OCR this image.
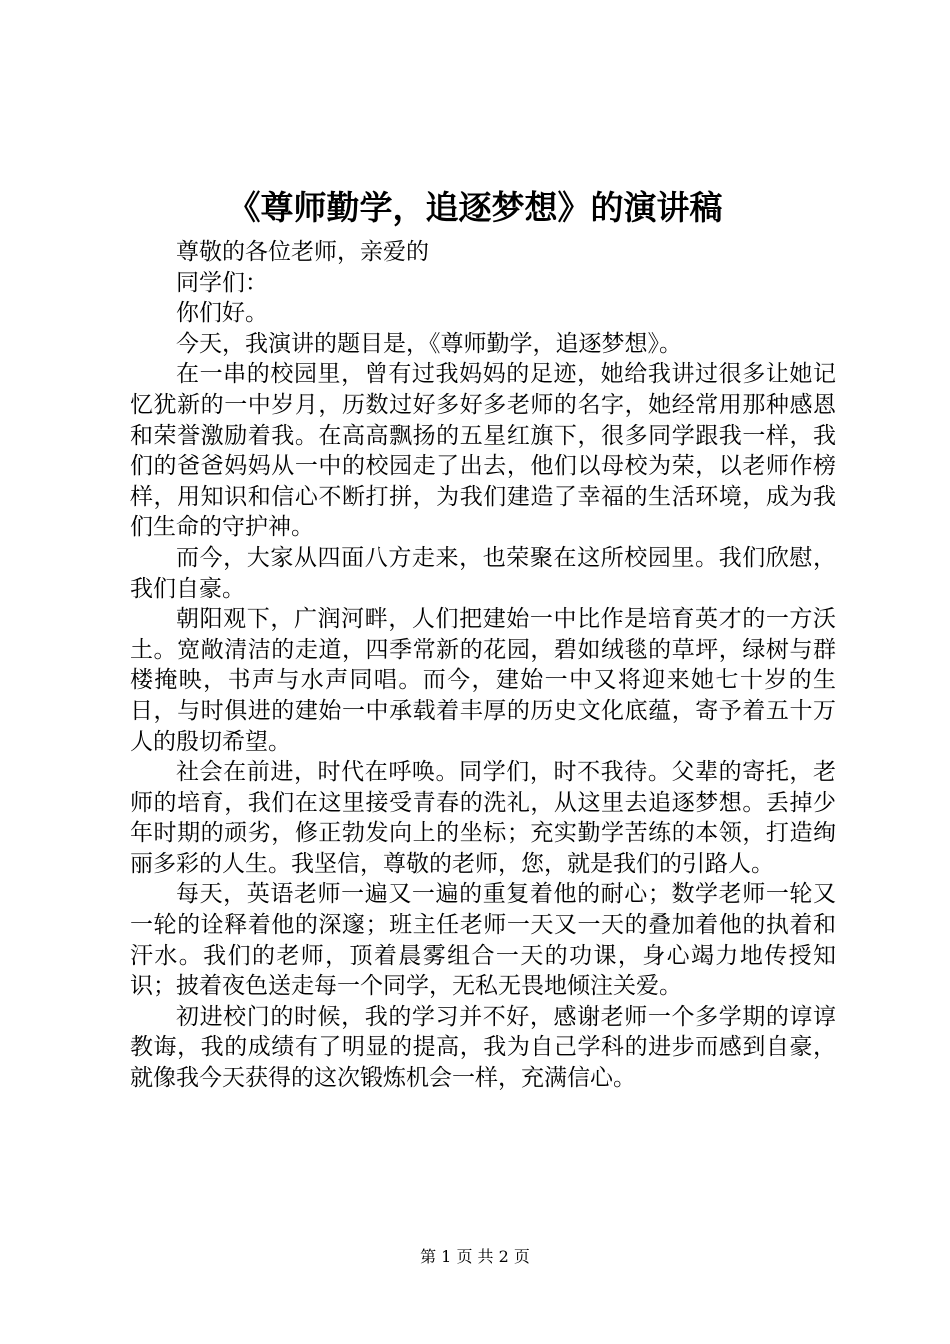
《尊师勤学，追逐梦想》的演讲稿

尊敬的各位老师，亲爱的

同学们：

你们好。

今天，我演讲的题目是，《尊师勤学，追逐梦想》。

在一串的校园里，曾有过我妈妈的足迹，她给我讲过很多让她记忆犹新的一中岁月，历数过好多好多老师的名字，她经常用那种感恩和荣誉激励着我。在高高飘扬的五星红旗下，很多同学跟我一样，我们的爸爸妈妈从一中的校园走了出去，他们以母校为荣，以老师作榜样，用知识和信心不断打拼，为我们建造了幸福的生活环境，成为我们生命的守护神。

而今，大家从四面八方走来，也荣聚在这所校园里。我们欣慰，我们自豪。

朝阳观下，广润河畔，人们把建始一中比作是培育英才的一方沃土。宽敞清洁的走道，四季常新的花园，碧如绒毯的草坪，绿树与群楼掩映，书声与水声同唱。而今，建始一中又将迎来她七十岁的生日，与时俱进的建始一中承载着丰厚的历史文化底蕴，寄予着五十万人的殷切希望。

社会在前进，时代在呼唤。同学们，时不我待。父辈的寄托，老师的培育，我们在这里接受青春的洗礼，从这里去追逐梦想。丢掉少年时期的顽劣，修正勃发向上的坐标；充实勤学苦练的本领，打造绚丽多彩的人生。我坚信，尊敬的老师，您，就是我们的引路人。

每天，英语老师一遍又一遍的重复着他的耐心；数学老师一轮又一轮的诠释着他的深邃；班主任老师一天又一天的叠加着他的执着和汗水。我们的老师，顶着晨雾组合一天的功课，身心竭力地传授知识；披着夜色送走每一个同学，无私无畏地倾注关爱。

初进校门的时候，我的学习并不好，感谢老师一个多学期的谆谆教诲，我的成绩有了明显的提高，我为自己学科的进步而感到自豪，就像我今天获得的这次锻炼机会一样，充满信心。

第 1 页 共 2 页
